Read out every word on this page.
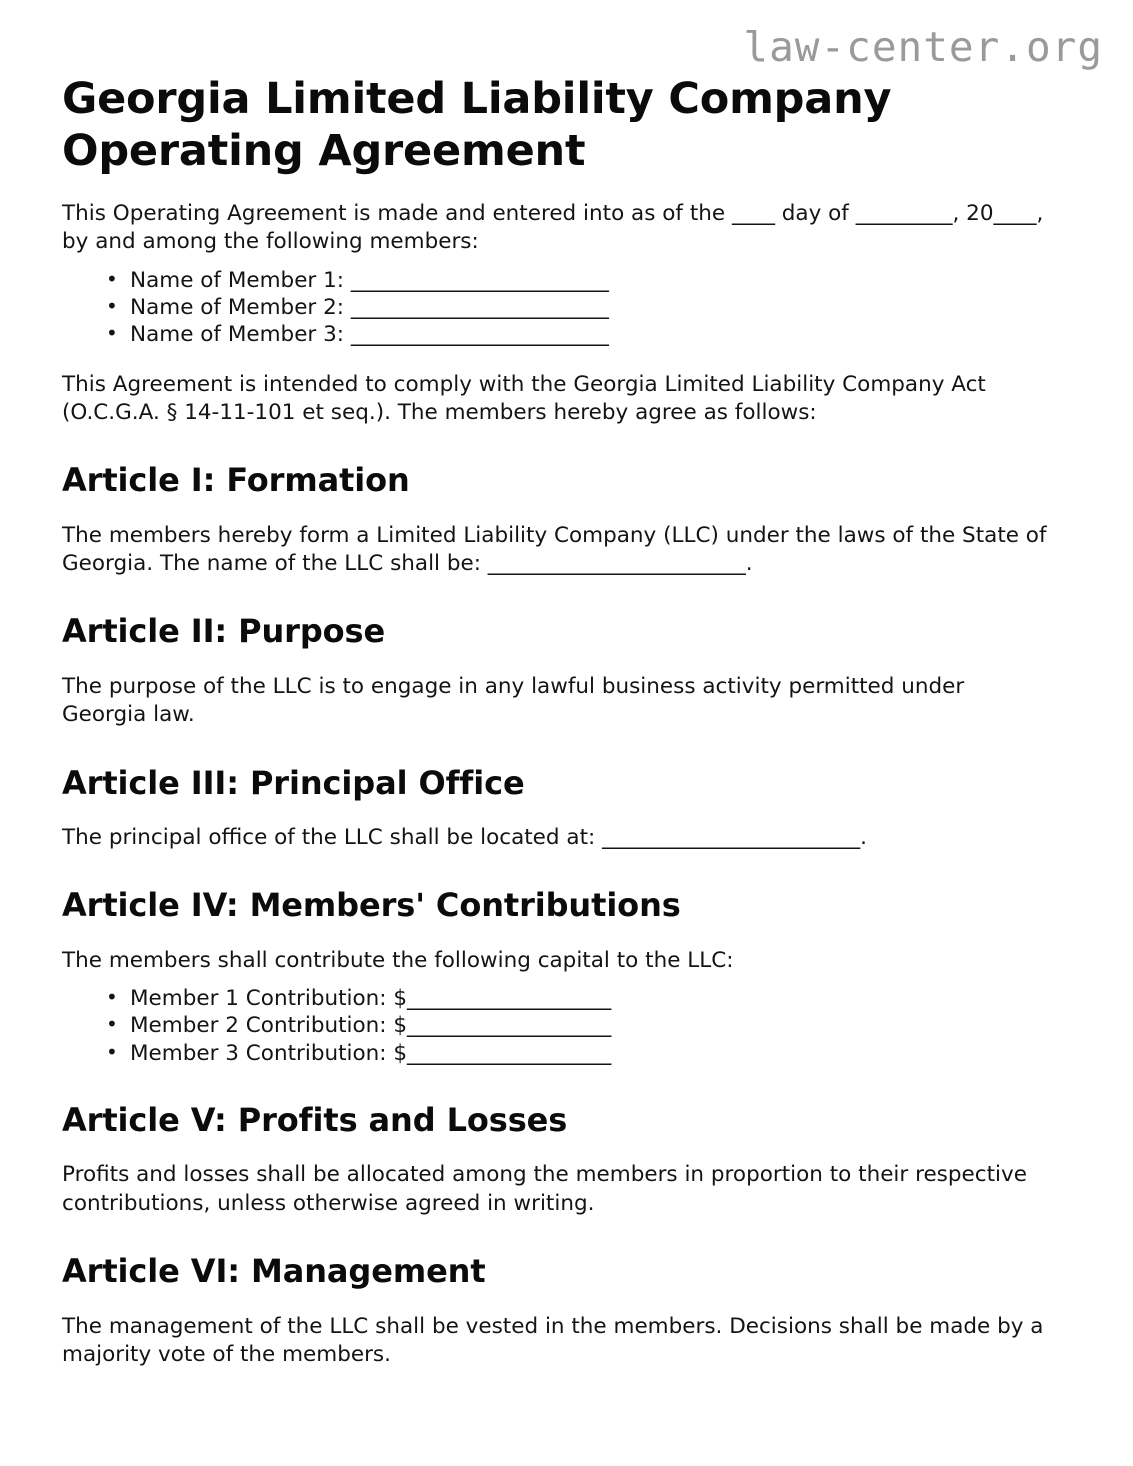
law-center.org
Georgia Limited Liability Company Operating Agreement

This Operating Agreement is made and entered into as of the ____ day of _________, 20____, by and among the following members:

• Name of Member 1: ________________________
• Name of Member 2: ________________________
• Name of Member 3: ________________________

This Agreement is intended to comply with the Georgia Limited Liability Company Act (O.C.G.A. § 14-11-101 et seq.). The members hereby agree as follows:

Article I: Formation

The members hereby form a Limited Liability Company (LLC) under the laws of the State of Georgia. The name of the LLC shall be: ________________________.

Article II: Purpose

The purpose of the LLC is to engage in any lawful business activity permitted under Georgia law.

Article III: Principal Office

The principal office of the LLC shall be located at: ________________________.

Article IV: Members' Contributions

The members shall contribute the following capital to the LLC:

• Member 1 Contribution: $___________________
• Member 2 Contribution: $___________________
• Member 3 Contribution: $___________________
Article V: Profits and Losses

Profits and losses shall be allocated among the members in proportion to their respective contributions, unless otherwise agreed in writing.

Article VI: Management

The management of the LLC shall be vested in the members. Decisions shall be made by a majority vote of the members.
